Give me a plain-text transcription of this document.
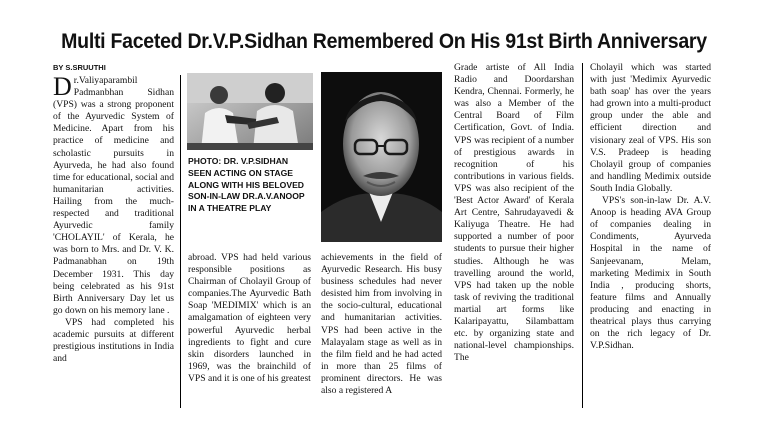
Multi Faceted Dr.V.P.Sidhan Remembered On His 91st Birth Anniversary
BY S.SRUUTHI

Dr.Valiyaparambil Padmanbhan Sidhan (VPS) was a strong proponent of the Ayurvedic System of Medicine. Apart from his practice of medicine and scholastic pursuits in Ayurveda, he had also found time for educational, social and humanitarian activities. Hailing from the much-respected and traditional Ayurvedic family 'CHOLAYIL' of Kerala, he was born to Mrs. and Dr. V. K. Padmanabhan on 19th December 1931. This day being celebrated as his 91st Birth Anniversary Day let us go down on his memory lane .

VPS had completed his academic pursuits at different prestigious institutions in India and

PHOTO: DR. V.P.SIDHAN SEEN ACTING ON STAGE ALONG WITH HIS BELOVED SON-IN-LAW DR.A.V.ANOOP IN A THEATRE PLAY

abroad. VPS had held various responsible positions as Chairman of Cholayil Group of companies.The Ayurvedic Bath Soap 'MEDIMIX' which is an amalgamation of eighteen very powerful Ayurvedic herbal ingredients to fight and cure skin disorders launched in 1969, was the brainchild of VPS and it is one of his greatest

achievements in the field of Ayurvedic Research. His busy business schedules had never desisted him from involving in the socio-cultural, educational and humanitarian activities. VPS had been active in the Malayalam stage as well as in the film field and he had acted in more than 25 films of prominent directors. He was also a registered A

Grade artiste of All India Radio and Doordarshan Kendra, Chennai. Formerly, he was also a Member of the Central Board of Film Certification, Govt. of India. VPS was recipient of a number of prestigious awards in recognition of his contributions in various fields. VPS was also recipient of the 'Best Actor Award' of Kerala Art Centre, Sahrudayavedi & Kaliyuga Theatre. He had supported a number of poor students to pursue their higher studies. Although he was travelling around the world, VPS had taken up the noble task of reviving the traditional martial art forms like Kalaripayattu, Silambattam etc. by organizing state and national-level championships. The

Cholayil which was started with just 'Medimix Ayurvedic bath soap' has over the years had grown into a multi-product group under the able and efficient direction and visionary zeal of VPS. His son V.S. Pradeep is heading Cholayil group of companies and handling Medimix outside South India Globally.

VPS's son-in-law Dr. A.V. Anoop is heading AVA Group of companies dealing in Condiments, Ayurveda Hospital in the name of Sanjeevanam, Melam, marketing Medimix in South India , producing shorts, feature films and Annually producing and enacting in theatrical plays thus carrying on the rich legacy of Dr. V.P.Sidhan.
